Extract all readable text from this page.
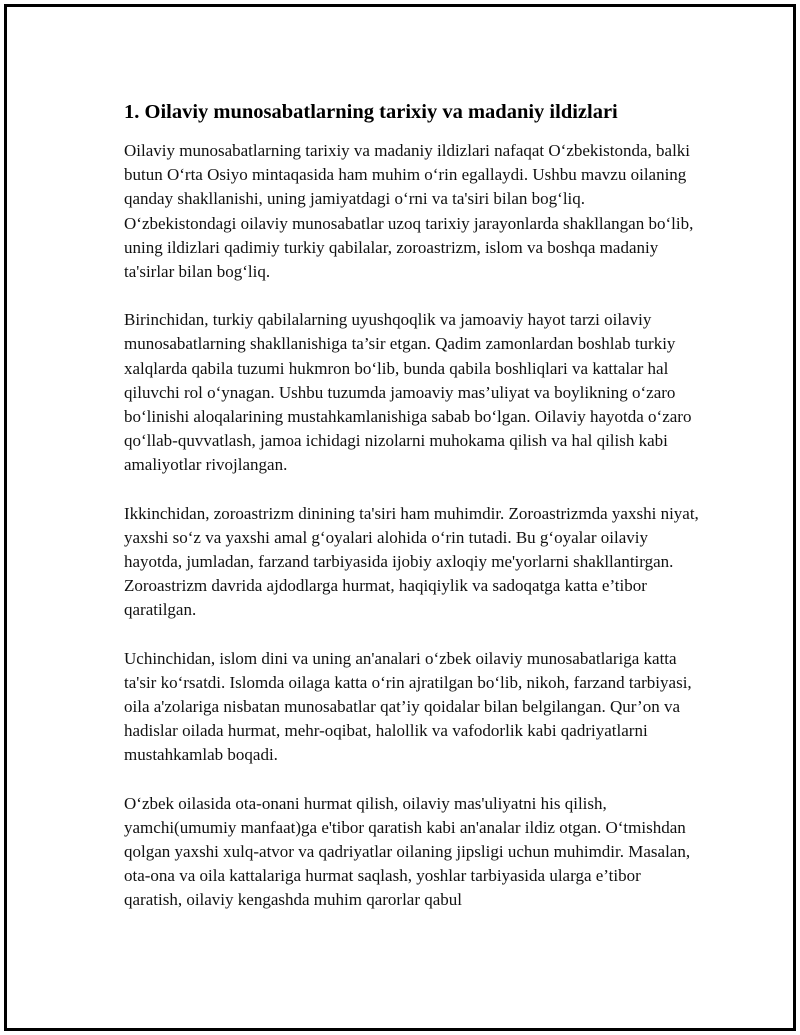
1. Oilaviy munosabatlarning tarixiy va madaniy ildizlari

Oilaviy munosabatlarning tarixiy va madaniy ildizlari nafaqat O‘zbekistonda, balki butun O‘rta Osiyo mintaqasida ham muhim o‘rin egallaydi. Ushbu mavzu oilaning qanday shakllanishi, uning jamiyatdagi o‘rni va ta'siri bilan bog‘liq. O‘zbekistondagi oilaviy munosabatlar uzoq tarixiy jarayonlarda shakllangan bo‘lib, uning ildizlari qadimiy turkiy qabilalar, zoroastrizm, islom va boshqa madaniy ta'sirlar bilan bog‘liq.

Birinchidan, turkiy qabilalarning uyushqoqlik va jamoaviy hayot tarzi oilaviy munosabatlarning shakllanishiga ta’sir etgan. Qadim zamonlardan boshlab turkiy xalqlarda qabila tuzumi hukmron bo‘lib, bunda qabila boshliqlari va kattalar hal qiluvchi rol o‘ynagan. Ushbu tuzumda jamoaviy mas’uliyat va boylikning o‘zaro bo‘linishi aloqalarining mustahkamlanishiga sabab bo‘lgan. Oilaviy hayotda o‘zaro qo‘llab-quvvatlash, jamoa ichidagi nizolarni muhokama qilish va hal qilish kabi amaliyotlar rivojlangan.

Ikkinchidan, zoroastrizm dinining ta'siri ham muhimdir. Zoroastrizmda yaxshi niyat, yaxshi so‘z va yaxshi amal g‘oyalari alohida o‘rin tutadi. Bu g‘oyalar oilaviy hayotda, jumladan, farzand tarbiyasida ijobiy axloqiy me'yorlarni shakllantirgan. Zoroastrizm davrida ajdodlarga hurmat, haqiqiylik va sadoqatga katta e’tibor qaratilgan.

Uchinchidan, islom dini va uning an'analari o‘zbek oilaviy munosabatlariga katta ta'sir ko‘rsatdi. Islomda oilaga katta o‘rin ajratilgan bo‘lib, nikoh, farzand tarbiyasi, oila a'zolariga nisbatan munosabatlar qat’iy qoidalar bilan belgilangan. Qur’on va hadislar oilada hurmat, mehr-oqibat, halollik va vafodorlik kabi qadriyatlarni mustahkamlab boqadi.

O‘zbek oilasida ota-onani hurmat qilish, oilaviy mas'uliyatni his qilish, yamchi(umumiy manfaat)ga e'tibor qaratish kabi an'analar ildiz otgan. O‘tmishdan qolgan yaxshi xulq-atvor va qadriyatlar oilaning jipsligi uchun muhimdir. Masalan, ota-ona va oila kattalariga hurmat saqlash, yoshlar tarbiyasida ularga e’tibor qaratish, oilaviy kengashda muhim qarorlar qabul
